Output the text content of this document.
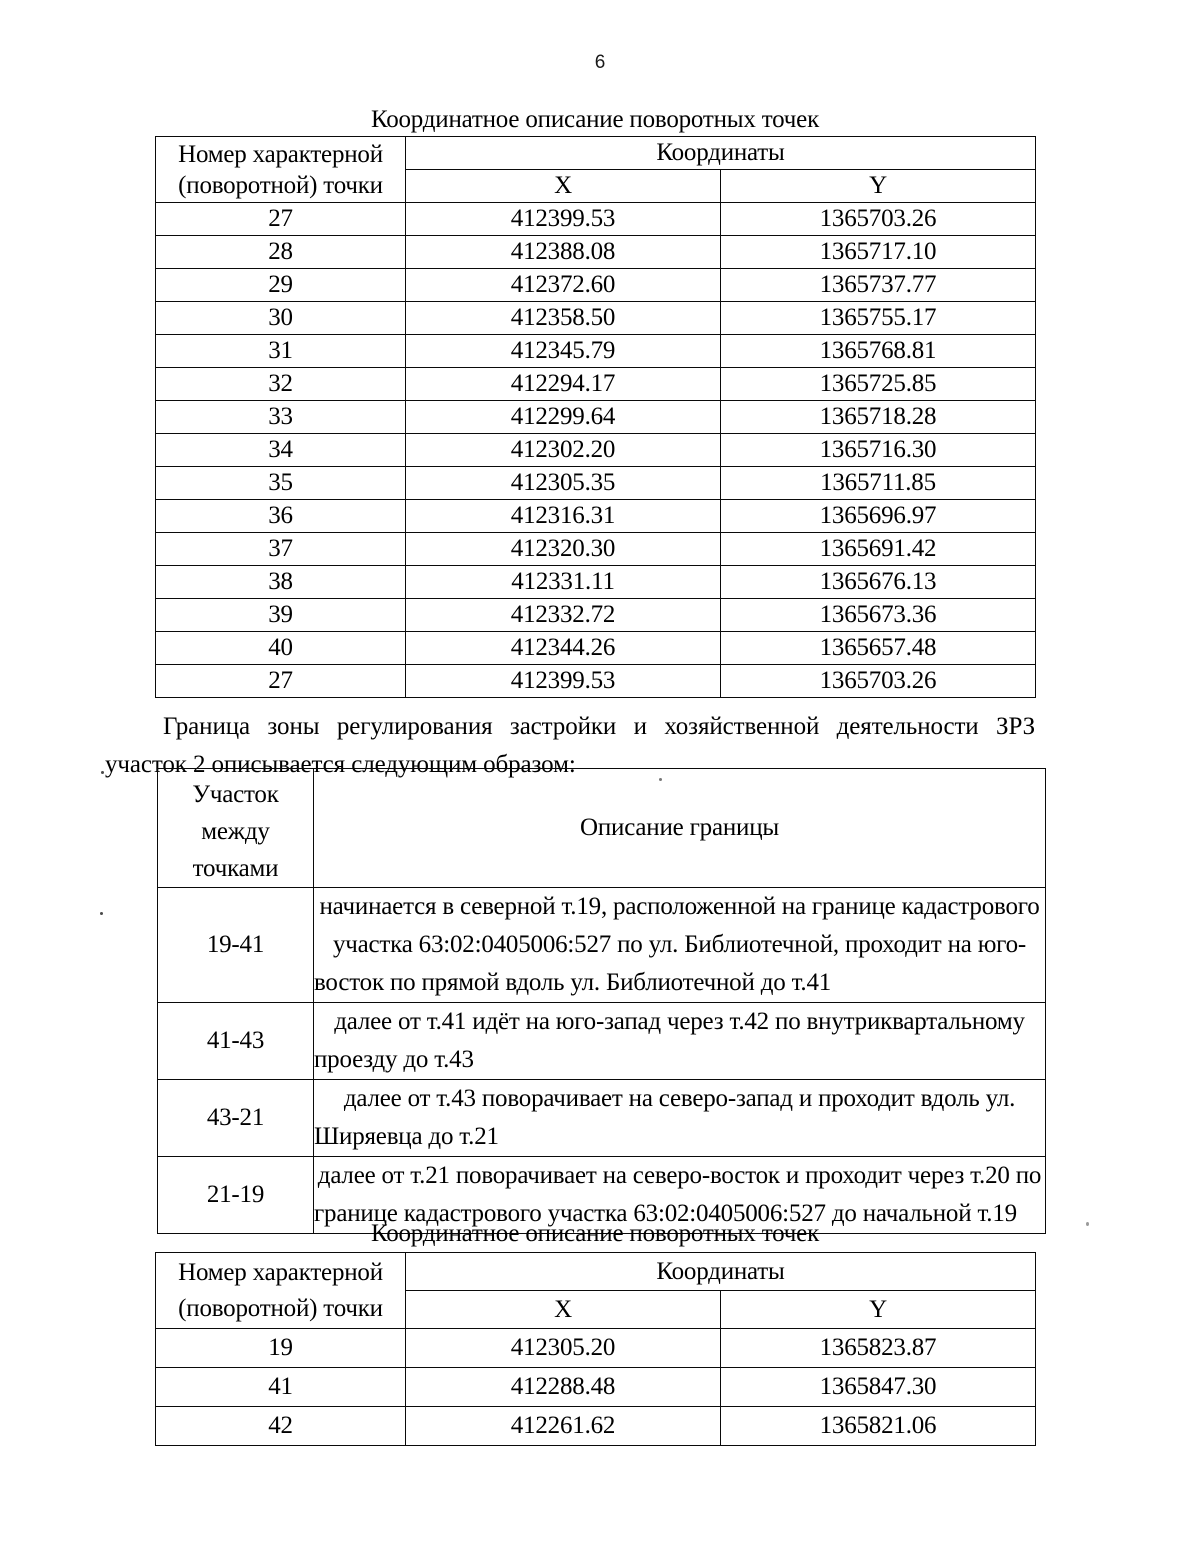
6
Координатное описание поворотных точек
Номер характерной
(поворотной) точки	Координаты	
	X	Y
27	412399.53	1365703.26
28	412388.08	1365717.10
29	412372.60	1365737.77
30	412358.50	1365755.17
31	412345.79	1365768.81
32	412294.17	1365725.85
33	412299.64	1365718.28
34	412302.20	1365716.30
35	412305.35	1365711.85
36	412316.31	1365696.97
37	412320.30	1365691.42
38	412331.11	1365676.13
39	412332.72	1365673.36
40	412344.26	1365657.48
27	412399.53	1365703.26
Граница зоны регулирования застройки и хозяйственной деятельности ЗРЗ участок 2 описывается следующим образом:
Участок
между
точками	Описание границы
19-41	начинается в северной т.19, расположенной на границе кадастрового участка 63:02:0405006:527 по ул. Библиотечной, проходит на юго-восток по прямой вдоль ул. Библиотечной до т.41
41-43	далее от т.41 идёт на юго-запад через т.42 по внутриквартальному проезду до т.43
43-21	далее от т.43 поворачивает на северо-запад и проходит вдоль ул. Ширяевца до т.21
21-19	далее от т.21 поворачивает на северо-восток и проходит через т.20 по границе кадастрового участка 63:02:0405006:527 до начальной т.19
Координатное описание поворотных точек
Номер характерной
(поворотной) точки	Координаты	
	X	Y
19	412305.20	1365823.87
41	412288.48	1365847.30
42	412261.62	1365821.06
